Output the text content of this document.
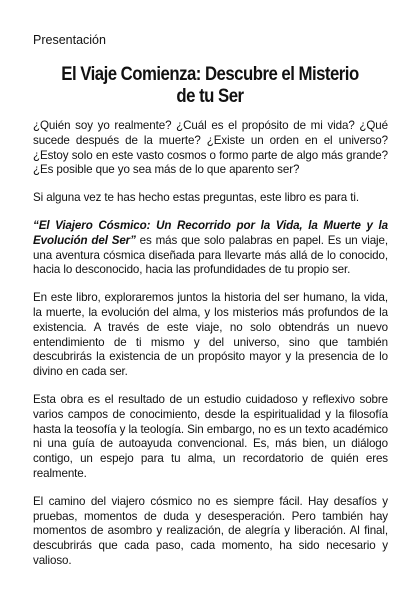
Presentación
El Viaje Comienza: Descubre el Misterio de tu Ser

¿Quién soy yo realmente? ¿Cuál es el propósito de mi vida? ¿Qué sucede después de la muerte? ¿Existe un orden en el universo? ¿Estoy solo en este vasto cosmos o formo parte de algo más grande? ¿Es posible que yo sea más de lo que aparento ser?

Si alguna vez te has hecho estas preguntas, este libro es para ti.

“El Viajero Cósmico: Un Recorrido por la Vida, la Muerte y la Evolución del Ser” es más que solo palabras en papel. Es un viaje, una aventura cósmica diseñada para llevarte más allá de lo conocido, hacia lo desconocido, hacia las profundidades de tu propio ser.

En este libro, exploraremos juntos la historia del ser humano, la vida, la muerte, la evolución del alma, y los misterios más profundos de la existencia. A través de este viaje, no solo obtendrás un nuevo entendimiento de ti mismo y del universo, sino que también descubrirás la existencia de un propósito mayor y la presencia de lo divino en cada ser.

Esta obra es el resultado de un estudio cuidadoso y reflexivo sobre varios campos de conocimiento, desde la espiritualidad y la filosofía hasta la teosofía y la teología. Sin embargo, no es un texto académico ni una guía de autoayuda convencional. Es, más bien, un diálogo contigo, un espejo para tu alma, un recordatorio de quién eres realmente.

El camino del viajero cósmico no es siempre fácil. Hay desafíos y pruebas, momentos de duda y desesperación. Pero también hay momentos de asombro y realización, de alegría y liberación. Al final, descubrirás que cada paso, cada momento, ha sido necesario y valioso.
